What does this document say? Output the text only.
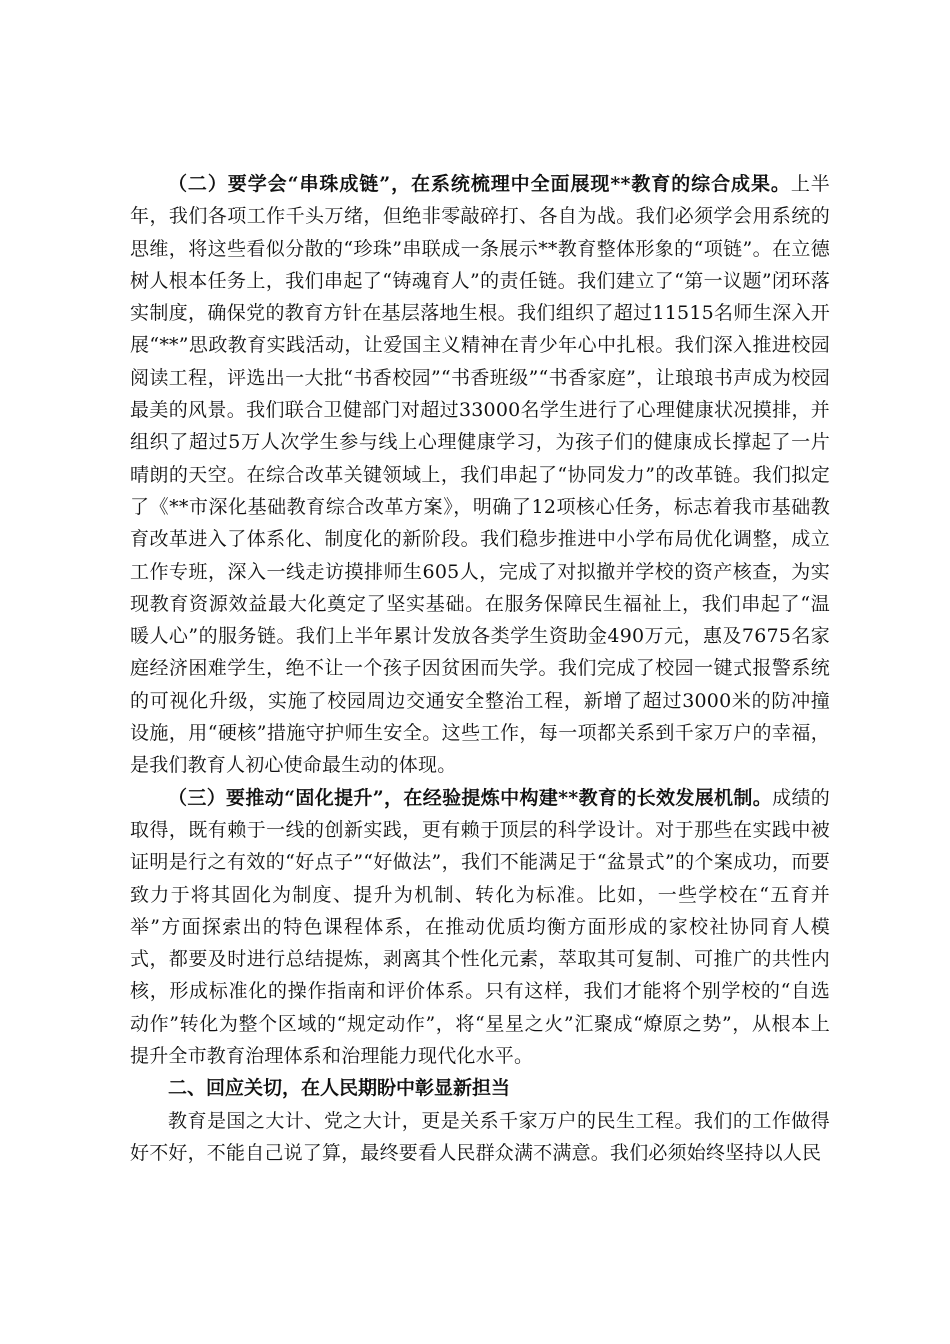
（二）要学会“串珠成链”，在系统梳理中全面展现**教育的综合成果。上半年，我们各项工作千头万绪，但绝非零敲碎打、各自为战。我们必须学会用系统的思维，将这些看似分散的“珍珠”串联成一条展示**教育整体形象的“项链”。在立德树人根本任务上，我们串起了“铸魂育人”的责任链。我们建立了“第一议题”闭环落实制度，确保党的教育方针在基层落地生根。我们组织了超过11515名师生深入开展“**”思政教育实践活动，让爱国主义精神在青少年心中扎根。我们深入推进校园阅读工程，评选出一大批“书香校园”“书香班级”“书香家庭”，让琅琅书声成为校园最美的风景。我们联合卫健部门对超过33000名学生进行了心理健康状况摸排，并组织了超过5万人次学生参与线上心理健康学习，为孩子们的健康成长撑起了一片晴朗的天空。在综合改革关键领域上，我们串起了“协同发力”的改革链。我们拟定了《**市深化基础教育综合改革方案》，明确了12项核心任务，标志着我市基础教育改革进入了体系化、制度化的新阶段。我们稳步推进中小学布局优化调整，成立工作专班，深入一线走访摸排师生605人，完成了对拟撤并学校的资产核查，为实现教育资源效益最大化奠定了坚实基础。在服务保障民生福祉上，我们串起了“温暖人心”的服务链。我们上半年累计发放各类学生资助金490万元，惠及7675名家庭经济困难学生，绝不让一个孩子因贫困而失学。我们完成了校园一键式报警系统的可视化升级，实施了校园周边交通安全整治工程，新增了超过3000米的防冲撞设施，用“硬核”措施守护师生安全。这些工作，每一项都关系到千家万户的幸福，是我们教育人初心使命最生动的体现。

（三）要推动“固化提升”，在经验提炼中构建**教育的长效发展机制。成绩的取得，既有赖于一线的创新实践，更有赖于顶层的科学设计。对于那些在实践中被证明是行之有效的“好点子”“好做法”，我们不能满足于“盆景式”的个案成功，而要致力于将其固化为制度、提升为机制、转化为标准。比如，一些学校在“五育并举”方面探索出的特色课程体系，在推动优质均衡方面形成的家校社协同育人模式，都要及时进行总结提炼，剥离其个性化元素，萃取其可复制、可推广的共性内核，形成标准化的操作指南和评价体系。只有这样，我们才能将个别学校的“自选动作”转化为整个区域的“规定动作”，将“星星之火”汇聚成“燎原之势”，从根本上提升全市教育治理体系和治理能力现代化水平。

二、回应关切，在人民期盼中彰显新担当

教育是国之大计、党之大计，更是关系千家万户的民生工程。我们的工作做得好不好，不能自己说了算，最终要看人民群众满不满意。我们必须始终坚持以人民
